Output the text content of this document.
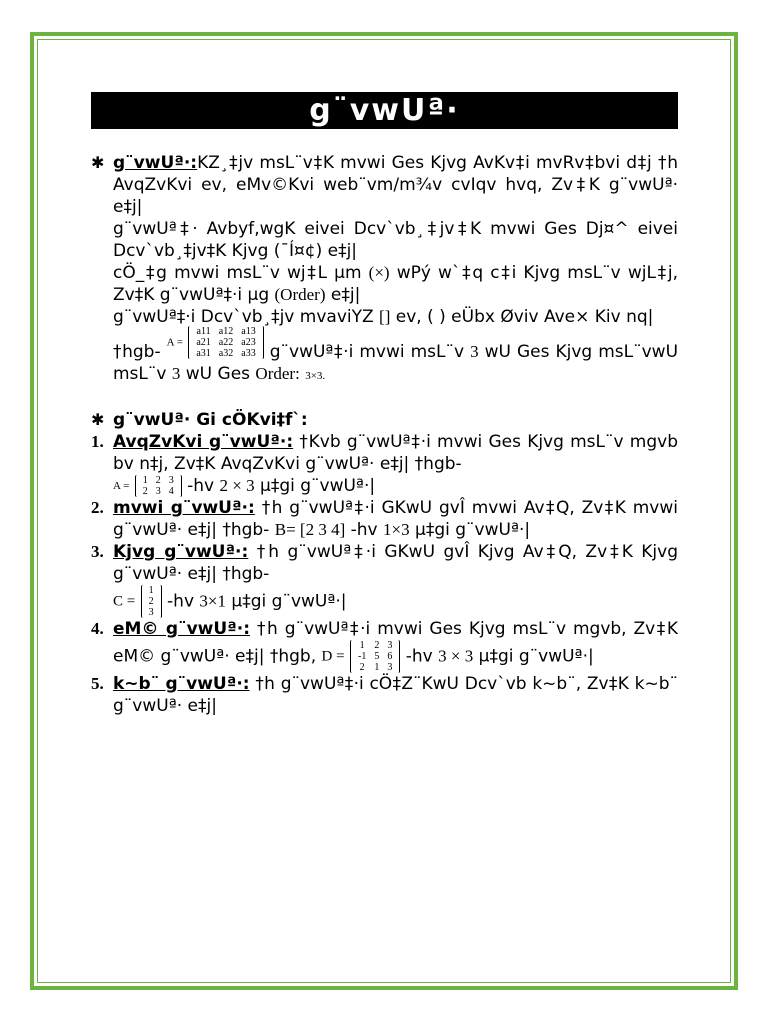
g¨vwUª·
✱ g¨vwUª·:KZ¸‡jv msL¨v‡K mvwi Ges Kjvg AvKv‡i mvRv‡bvi d‡j †h AvqZvKvi ev, eMv©Kvi web¨vm/m¾v cvIqv hvq, Zv‡K g¨vwUª· e‡j|

g¨vwUª‡· Avbyf‚wgK eivei Dcv`vb¸‡jv‡K mvwi Ges Dj¤^ eivei Dcv`vb¸‡jv‡K Kjvg (¯Í¤¢) e‡j|

cÖ_‡g mvwi msL¨v wj‡L µm (×) wPý w`‡q c‡i Kjvg msL¨v wjL‡j, Zv‡K g¨vwUª‡·i µg (Order) e‡j|

g¨vwUª‡·i Dcv`vb¸‡jv mvaviYZ [] ev, ( ) eÜbx Øviv Ave× Kiv nq|

†hgb- A =
a11	a12	a13
a21	a22	a23
a31	a32	a33 g¨vwUª‡·i mvwi msL¨v 3 wU Ges Kjvg msL¨vwU msL¨v 3 wU Ges Order: 3×3.

✱ g¨vwUª· Gi cÖKvi‡f`:
1. AvqZvKvi g¨vwUª·: †Kvb g¨vwUª‡·i mvwi Ges Kjvg msL¨v mgvb bv n‡j, Zv‡K AvqZvKvi g¨vwUª· e‡j| †hgb-
A = 1	2	3
2	3	4 -hv 2 × 3 µ‡gi g¨vwUª·|
2. mvwi g¨vwUª·: †h g¨vwUª‡·i GKwU gvÎ mvwi Av‡Q, Zv‡K mvwi g¨vwUª· e‡j| †hgb- B= [2 3 4] -hv 1×3 µ‡gi g¨vwUª·|
3. Kjvg g¨vwUª·: †h g¨vwUª‡·i GKwU gvÎ Kjvg Av‡Q, Zv‡K Kjvg g¨vwUª· e‡j| †hgb-
C =
1
2
3
-hv 3×1 µ‡gi g¨vwUª·|
4. eM© g¨vwUª·: †h g¨vwUª‡·i mvwi Ges Kjvg msL¨v mgvb, Zv‡K eM© g¨vwUª· e‡j| †hgb, D =
1	2	3
-1	5	6
2	1	3
-hv 3 × 3 µ‡gi g¨vwUª·|
5. k~b¨ g¨vwUª·: †h g¨vwUª‡·i cÖ‡Z¨KwU Dcv`vb k~b¨, Zv‡K k~b¨ g¨vwUª· e‡j|
